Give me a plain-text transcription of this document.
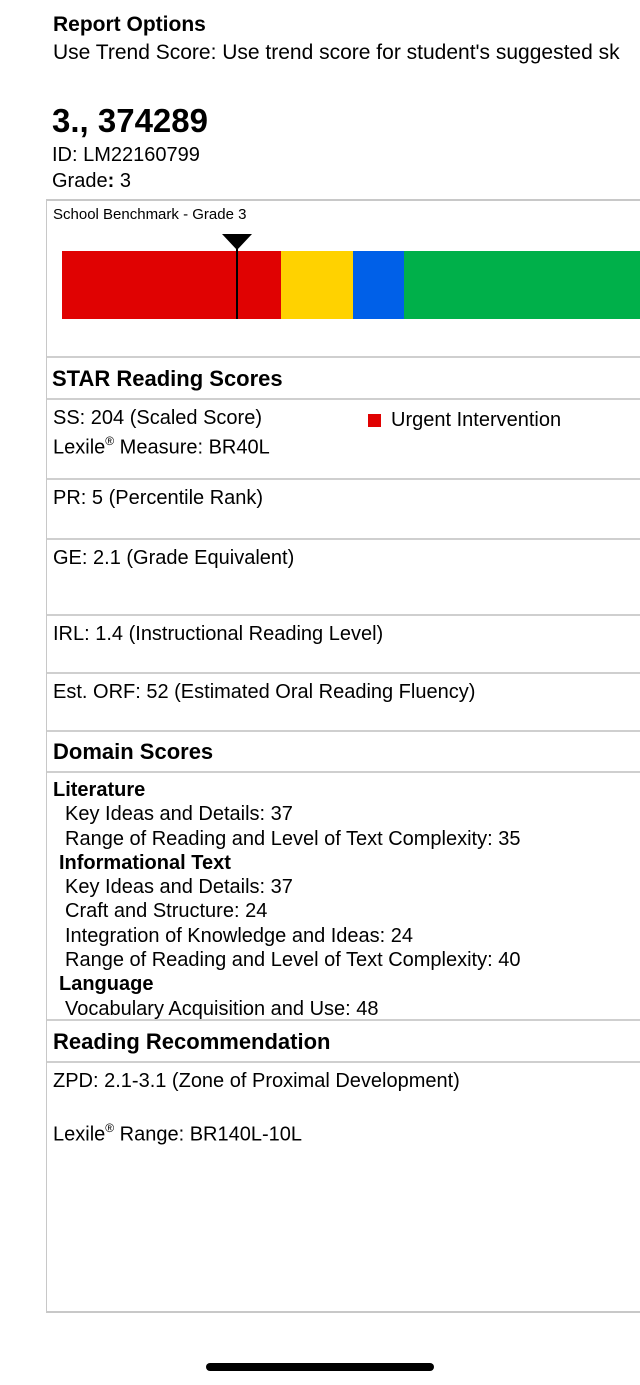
Report Options
Use Trend Score: Use trend score for student's suggested sk
3., 374289
ID: LM22160799
Grade: 3
School Benchmark - Grade 3
STAR Reading Scores
SS: 204 (Scaled Score)
Lexile® Measure: BR40L
Urgent Intervention
PR: 5 (Percentile Rank)
GE: 2.1 (Grade Equivalent)
IRL: 1.4 (Instructional Reading Level)
Est. ORF: 52 (Estimated Oral Reading Fluency)
Domain Scores
Literature
Key Ideas and Details: 37
Range of Reading and Level of Text Complexity: 35
Informational Text
Key Ideas and Details: 37
Craft and Structure: 24
Integration of Knowledge and Ideas: 24
Range of Reading and Level of Text Complexity: 40
Language
Vocabulary Acquisition and Use: 48
Reading Recommendation
ZPD: 2.1-3.1 (Zone of Proximal Development)
Lexile® Range: BR140L-10L
